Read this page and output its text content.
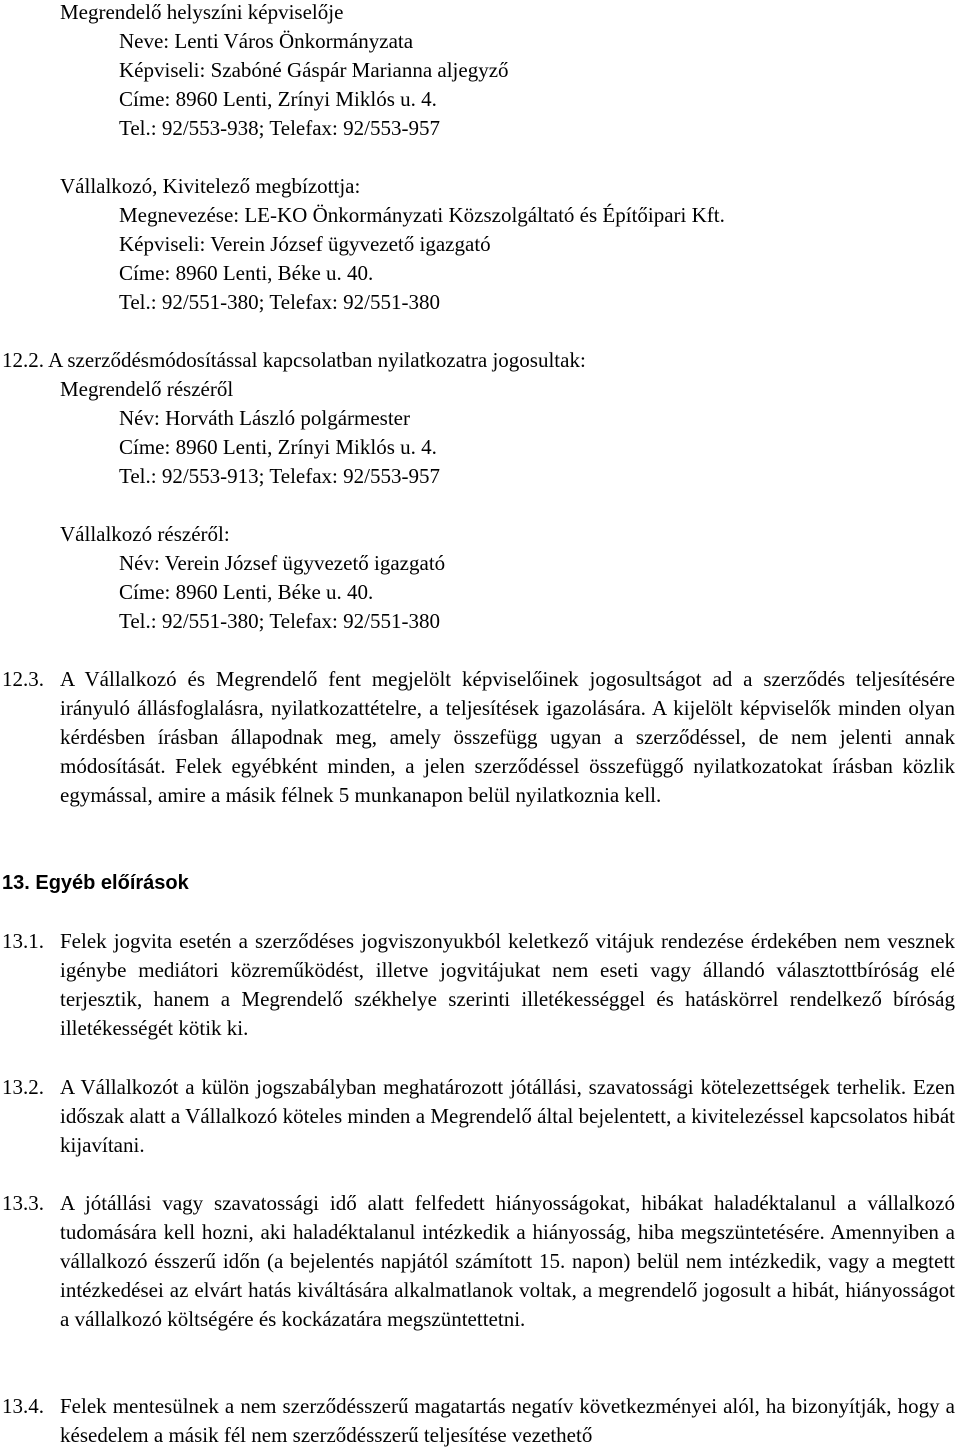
Megrendelő helyszíni képviselője
Neve: Lenti Város Önkormányzata
Képviseli: Szabóné Gáspár Marianna aljegyző
Címe: 8960 Lenti, Zrínyi Miklós u. 4.
Tel.: 92/553-938; Telefax: 92/553-957
Vállalkozó, Kivitelező megbízottja:
Megnevezése: LE-KO Önkormányzati Közszolgáltató és Építőipari Kft.
Képviseli: Verein József ügyvezető igazgató
Címe: 8960 Lenti, Béke u. 40.
Tel.: 92/551-380; Telefax: 92/551-380
12.2. A szerződésmódosítással kapcsolatban nyilatkozatra jogosultak:
Megrendelő részéről
Név: Horváth László polgármester
Címe: 8960 Lenti, Zrínyi Miklós u. 4.
Tel.: 92/553-913; Telefax: 92/553-957
Vállalkozó részéről:
Név: Verein József ügyvezető igazgató
Címe: 8960 Lenti, Béke u. 40.
Tel.: 92/551-380; Telefax: 92/551-380
12.3. A Vállalkozó és Megrendelő fent megjelölt képviselőinek jogosultságot ad a szerződés teljesítésére irányuló állásfoglalásra, nyilatkozattételre, a teljesítések igazolására. A kijelölt képviselők minden olyan kérdésben írásban állapodnak meg, amely összefügg ugyan a szerződéssel, de nem jelenti annak módosítását. Felek egyébként minden, a jelen szerződéssel összefüggő nyilatkozatokat írásban közlik egymással, amire a másik félnek 5 munkanapon belül nyilatkoznia kell.
13. Egyéb előírások
13.1. Felek jogvita esetén a szerződéses jogviszonyukból keletkező vitájuk rendezése érdekében nem vesznek igénybe mediátori közreműködést, illetve jogvitájukat nem eseti vagy állandó választottbíróság elé terjesztik, hanem a Megrendelő székhelye szerinti illetékességgel és hatáskörrel rendelkező bíróság illetékességét kötik ki.
13.2. A Vállalkozót a külön jogszabályban meghatározott jótállási, szavatossági kötelezettségek terhelik. Ezen időszak alatt a Vállalkozó köteles minden a Megrendelő által bejelentett, a kivitelezéssel kapcsolatos hibát kijavítani.
13.3. A jótállási vagy szavatossági idő alatt felfedett hiányosságokat, hibákat haladéktalanul a vállalkozó tudomására kell hozni, aki haladéktalanul intézkedik a hiányosság, hiba megszüntetésére. Amennyiben a vállalkozó ésszerű időn (a bejelentés napjától számított 15. napon) belül nem intézkedik, vagy a megtett intézkedései az elvárt hatás kiváltására alkalmatlanok voltak, a megrendelő jogosult a hibát, hiányosságot a vállalkozó költségére és kockázatára megszüntettetni.
13.4. Felek mentesülnek a nem szerződésszerű magatartás negatív következményei alól, ha bizonyítják, hogy a késedelem a másik fél nem szerződésszerű teljesítése vezethető
